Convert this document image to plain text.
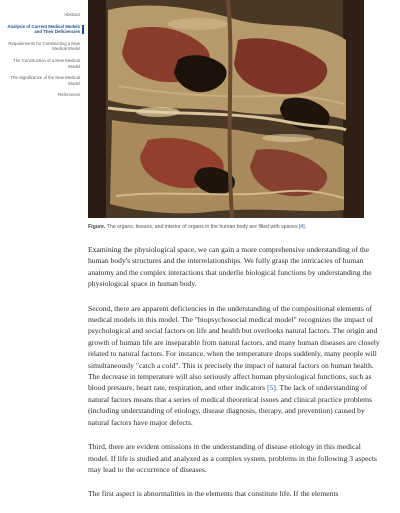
Abstract
Analysis of Current Medical Models and Their Deficiencies
Requirements for Constructing a New Medical Model
The Construction of a New Medical Model
The Significance of the New Medical Model
References
Figure. The organs, tissues, and interior of organs in the human body are filled with spaces [4].

Examining the physiological space, we can gain a more comprehensive understanding of the human body's structures and the interrelationships. We fully grasp the intricacies of human anatomy and the complex interactions that underlie biological functions by understanding the physiological space in human body.

Second, there are apparent deficiencies in the understanding of the compositional elements of medical models in this model. The "biopsychosocial medical model" recognizes the impact of psychological and social factors on life and health but overlooks natural factors. The origin and growth of human life are inseparable from natural factors, and many human diseases are closely related to natural factors. For instance, when the temperature drops suddenly, many people will simultaneously "catch a cold". This is precisely the impact of natural factors on human health. The decrease in temperature will also seriously affect human physiological functions, such as blood pressure, heart rate, respiration, and other indicators [5]. The lack of understanding of natural factors means that a series of medical theoretical issues and clinical practice problems (including understanding of etiology, disease diagnosis, therapy, and prevention) caused by natural factors have major defects.

Third, there are evident omissions in the understanding of disease etiology in this medical model. If life is studied and analyzed as a complex system, problems in the following 3 aspects may lead to the occurrence of diseases.

The first aspect is abnormalities in the elements that constitute life. If the elements
